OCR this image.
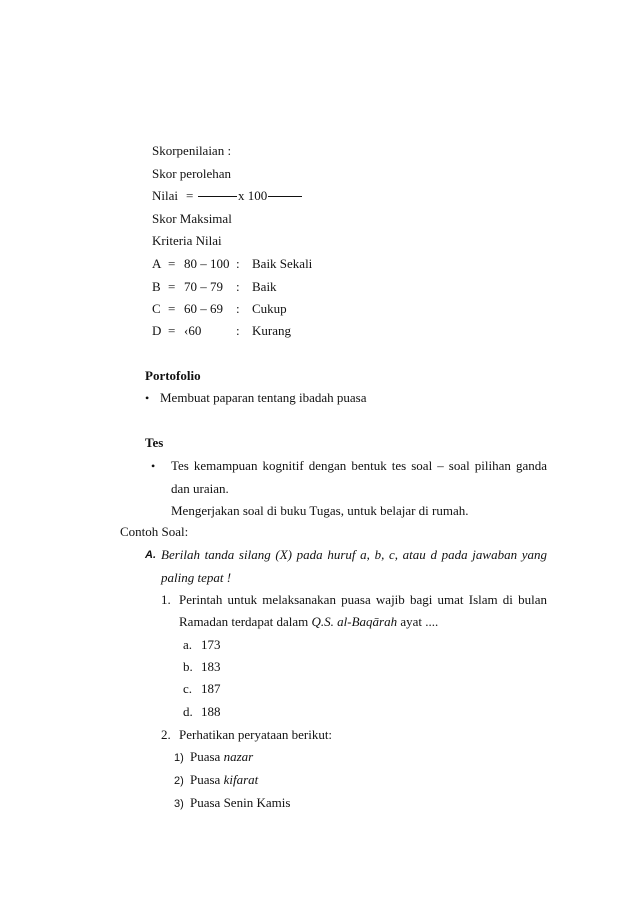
Skorpenilaian :
Skor perolehan
Nilai =	x 100
Skor Maksimal
Kriteria Nilai
A = 80 – 100 : Baik Sekali
B = 70 – 79 : Baik
C = 60 – 69 : Cukup
D = ‹60	: Kurang
Portofolio
• Membuat paparan tentang ibadah puasa
Tes
• Tes kemampuan kognitif dengan bentuk tes soal – soal pilihan ganda
dan uraian.
Mengerjakan soal di buku Tugas, untuk belajar di rumah.
Contoh Soal:
A. Berilah tanda silang (X) pada huruf a, b, c, atau d pada jawaban yang
paling tepat !
1. Perintah untuk melaksanakan puasa wajib bagi umat Islam di bulan
Ramadan terdapat dalam Q.S. al-Baqārah ayat ....
a. 173
b. 183
c. 187
d. 188
2. Perhatikan peryataan berikut:
1) Puasa nazar
2) Puasa kifarat
3) Puasa Senin Kamis
